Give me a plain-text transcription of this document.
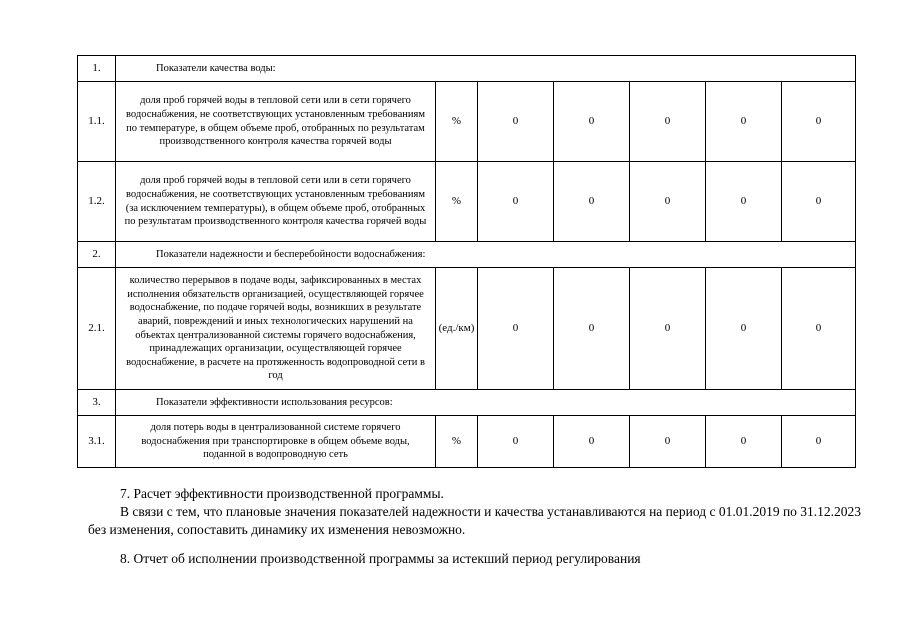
1.	Показатели качества воды:						
1.1.	доля проб горячей воды в тепловой сети или в сети горячего водоснабжения, не соответствующих установленным требованиям по температуре, в общем объеме проб, отобранных по результатам производственного контроля качества горячей воды	%	0	0	0	0	0
1.2.	доля проб горячей воды в тепловой сети или в сети горячего водоснабжения, не соответствующих установленным требованиям (за исключением температуры), в общем объеме проб, отобранных по результатам производственного контроля качества горячей воды	%	0	0	0	0	0
2.	Показатели надежности и бесперебойности водоснабжения:						
2.1.	количество перерывов в подаче воды, зафиксированных в местах исполнения обязательств организацией, осуществляющей горячее водоснабжение, по подаче горячей воды, возникших в результате аварий, повреждений и иных технологических нарушений на объектах централизованной системы горячего водоснабжения, принадлежащих организации, осуществляющей горячее водоснабжение, в расчете на протяженность водопроводной сети в год	(ед./км)	0	0	0	0	0
3.	Показатели эффективности использования ресурсов:						
3.1.	доля потерь воды в централизованной системе горячего водоснабжения при транспортировке в общем объеме воды, поданной в водопроводную сеть	%	0	0	0	0	0
7. Расчет эффективности производственной программы.
В связи с тем, что плановые значения показателей надежности и качества устанавливаются на период с 01.01.2019 по 31.12.2023 без изменения, сопоставить динамику их изменения невозможно.
8. Отчет об исполнении производственной программы за истекший период регулирования
